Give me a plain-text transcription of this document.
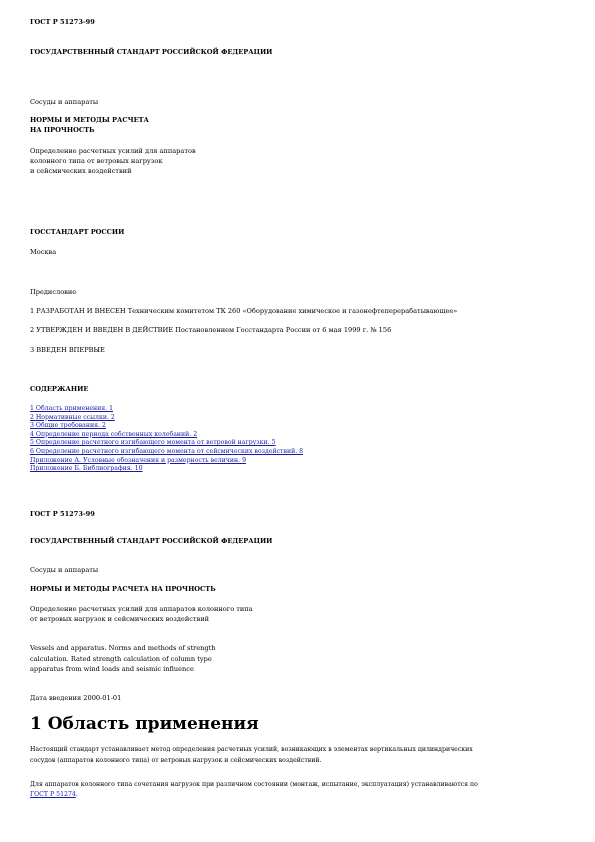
ГОСТ Р 51273-99
ГОСУДАРСТВЕННЫЙ СТАНДАРТ РОССИЙСКОЙ ФЕДЕРАЦИИ
Сосуды и аппараты
НОРМЫ И МЕТОДЫ РАСЧЕТА
НА ПРОЧНОСТЬ
Определение расчетных усилий для аппаратов
колонного типа от ветровых нагрузок
и сейсмических воздействий
ГОССТАНДАРТ РОССИИ
Москва
Предисловие
1 РАЗРАБОТАН И ВНЕСЕН Техническим комитетом ТК 260 «Оборудование химическое и газонефтеперерабатывающее»
2 УТВЕРЖДЕН И ВВЕДЕН В ДЕЙСТВИЕ Постановлением Госстандарта России от 6 мая 1999 г. № 156
3 ВВЕДЕН ВПЕРВЫЕ
СОДЕРЖАНИЕ
1 Область применения. 1
2 Нормативные ссылки. 2
3 Общие требования. 2
4 Определение периода собственных колебаний. 2
5 Определение расчетного изгибающего момента от ветровой нагрузки. 5
6 Определение расчетного изгибающего момента от сейсмических воздействий. 8
Приложение А. Условные обозначения и размерность величин. 9
Приложение Б. Библиография. 10
ГОСТ Р 51273-99
ГОСУДАРСТВЕННЫЙ СТАНДАРТ РОССИЙСКОЙ ФЕДЕРАЦИИ
Сосуды и аппараты
НОРМЫ И МЕТОДЫ РАСЧЕТА НА ПРОЧНОСТЬ
Определение расчетных усилий для аппаратов колонного типа
от ветровых нагрузок и сейсмических воздействий
Vessels and apparatus. Norms and methods of strength
calculation. Rated strength calculation of column type
apparatus from wind loads and seismic influence
Дата введения 2000-01-01
1 Область применения
Настоящий стандарт устанавливает метод определения расчетных усилий, возникающих в элементах вертикальных цилиндрических
сосудов (аппаратов колонного типа) от ветровых нагрузок и сейсмических воздействий.
Для аппаратов колонного типа сочетания нагрузок при различном состоянии (монтаж, испытание, эксплуатация) устанавливаются по
ГОСТ Р 51274.
